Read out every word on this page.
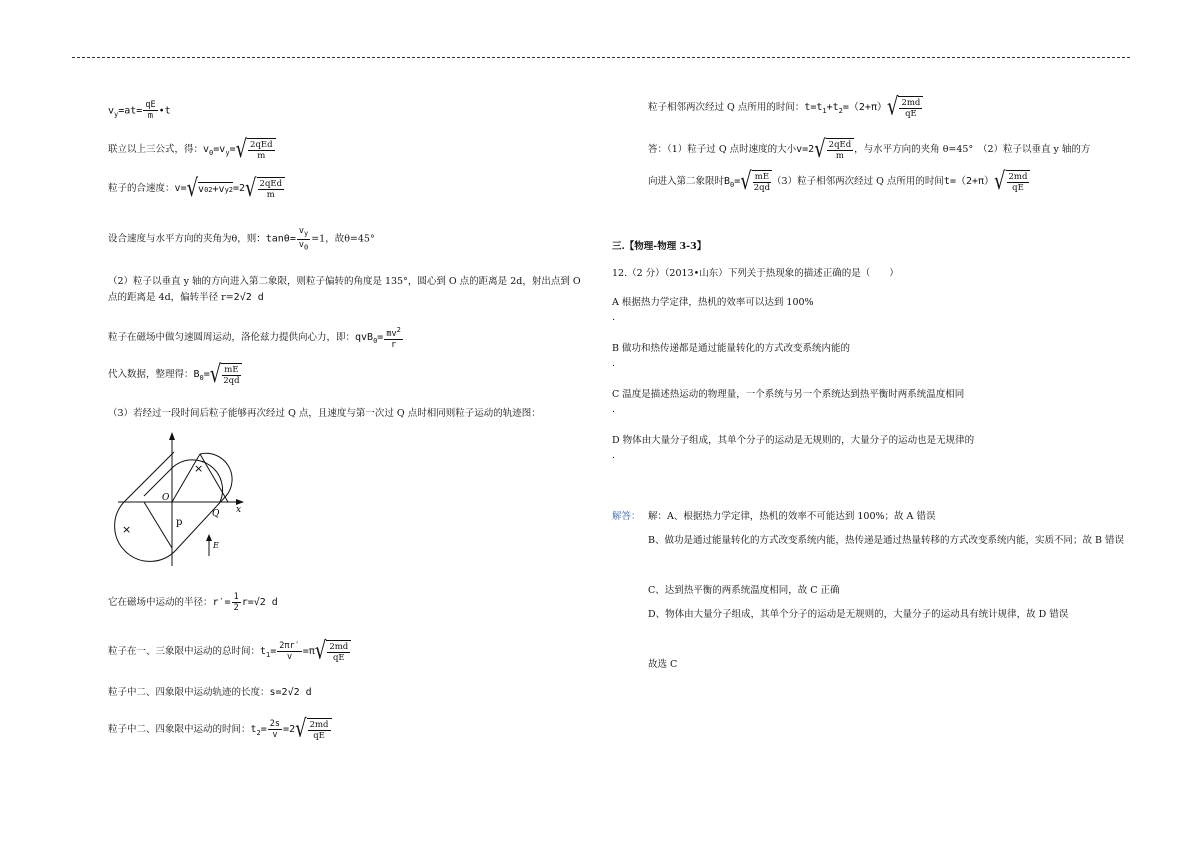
$v_y=at= \frac{qE}{m}$ •t
联立以上三公式，得：$v_0=v_y=$ √ $\frac{\text{2qEd}}{m}$
粒子的合速度：v= √ v 0 2 +v y 2 =2 √ $\frac{\text{2qEd}}{m}$
设合速度与水平方向的夹角为θ，则：$\tan\theta= \frac{v_y}{v_0} =1$，故θ=45°
（2）粒子以垂直 y 轴的方向进入第二象限，则粒子偏转的角度是 135°，圆心到 O 点的距离是 2d，射出点到 O 点的距离是 4d，偏转半径 r=2√2 d
粒子在磁场中做匀速圆周运动，洛伦兹力提供向心力，即：$qvB_0= \frac{mv^2}{r}$
代入数据，整理得：$B_0=$ √ $\frac{mE}{2qd}$
（3）若经过一段时间后粒子能够再次经过 Q 点，且速度与第一次过 Q 点时相同则粒子运动的轨迹图：
×
×
O
Q x
p
E
它在磁场中运动的半径：$r'= \frac{1}{2} r=√2$ d
粒子在一、三象限中运动的总时间：$t_1= \frac{2\pi r'}{v} =\pi$ √ $\frac{2md}{qE}$
粒子中二、四象限中运动轨迹的长度：s=2√2 d
粒子中二、四象限中运动的时间：$t_2= \frac{2s}{v} =2$ √ $\frac{2md}{qE}$
粒子相邻两次经过 Q 点所用的时间：$t=t_1+t_2=(2+\pi)$ √ $\frac{2md}{qE}$
答：（1）粒子过 Q 点时速度的大小v=2 √ $\frac{\text{2qEd}}{m}$ ，与水平方向的夹角 θ=45°　（2）粒子以垂直 y 轴的方
向进入第二象限时$B_0=$ √ $\frac{mE}{2qd} (3)$粒子相邻两次经过 Q 点所用的时间t=（2+π） √ $\frac{2md}{qE}$
三.【物理-物理 3-3】
12.（2 分）（2013•山东）下列关于热现象的描述正确的是（　　）
A 根据热力学定律，热机的效率可以达到 100%
.
B 做功和热传递都是通过能量转化的方式改变系统内能的
.
C 温度是描述热运动的物理量，一个系统与另一个系统达到热平衡时两系统温度相同
.
D 物体由大量分子组成，其单个分子的运动是无规则的，大量分子的运动也是无规律的
.
解答： 解：A、根据热力学定律，热机的效率不可能达到 100%；故 A 错误
B、做功是通过能量转化的方式改变系统内能，热传递是通过热量转移的方式改变系统内能，实质不同；故 B 错误
C、达到热平衡的两系统温度相同，故 C 正确
D、物体由大量分子组成，其单个分子的运动是无规则的，大量分子的运动具有统计规律，故 D 错误
故选 C
